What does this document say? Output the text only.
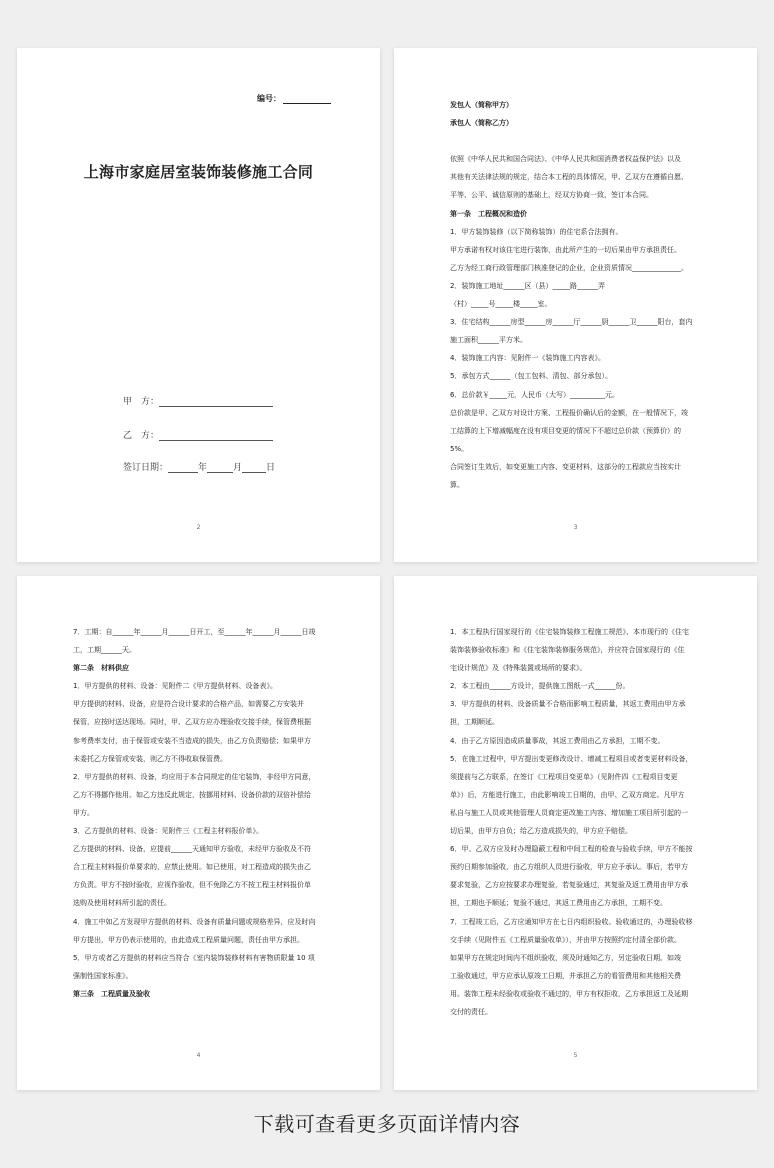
编号：
上海市家庭居室装饰装修施工合同
甲　方：
乙　方：
签订日期：	年	月	日
2

发包人（简称甲方）

承包人（简称乙方）

依照《中华人民共和国合同法》、《中华人民共和国消费者权益保护法》以及

其他有关法律法规的规定，结合本工程的具体情况，甲、乙双方在遵循自愿、

平等、公平、诚信原则的基础上，经双方协商一致，签订本合同。

第一条　工程概况和造价

1．甲方装饰装修（以下简称装饰）的住宅系合法拥有。

甲方承诺有权对该住宅进行装饰，由此所产生的一切后果由甲方承担责任。

乙方为经工商行政管理部门核准登记的企业，企业资质情况______________。

2．装饰施工地址______区（县）_____路______弄

（村）_____号_____楼_____室。

3．住宅结构______房型______房______厅______厨______卫______阳台，套内

施工面积______平方米。

4．装饰施工内容：见附件一《装饰施工内容表》。

5．承包方式______（包工包料、清包、部分承包）。

6．总价款￥_____元，人民币（大写）__________元。

总价款是甲、乙双方对设计方案、工程报价确认后的金额，在一般情况下，竣

工结算的上下增减幅度在没有项目变更的情况下不超过总价款（预算价）的

5%。

合同签订生效后，如变更施工内容、变更材料，这部分的工程款应当按实计

算。

3

7．工期：自______年______月______日开工，至______年______月______日竣

工，工期______天。

第二条　材料供应

1．甲方提供的材料、设备：见附件二《甲方提供材料、设备表》。

甲方提供的材料、设备，应是符合设计要求的合格产品，如需要乙方安装并

保管，应按时送达现场。同时，甲、乙双方应办理验收交接手续，保管费根据

参考费率支付，由于保管或安装不当造成的损失，由乙方负责赔偿；如果甲方

未委托乙方保管或安装，则乙方不得收取保管费。

2．甲方提供的材料、设备，均应用于本合同规定的住宅装饰，非经甲方同意，

乙方不得挪作他用。如乙方违反此规定，按挪用材料、设备价款的双倍补偿给

甲方。

3．乙方提供的材料、设备：见附件三《工程主材料报价单》。

乙方提供的材料、设备，应提前______天通知甲方验收，未经甲方验收及不符

合工程主材料报价单要求的，应禁止使用。如已使用，对工程造成的损失由乙

方负责。甲方不按时验收，应视作验收，但不免除乙方不按工程主材料报价单

选购及使用材料所引起的责任。

4．施工中如乙方发现甲方提供的材料、设备有质量问题或规格差异，应及时向

甲方提出，甲方仍表示使用的，由此造成工程质量问题，责任由甲方承担。

5．甲方或者乙方提供的材料应当符合《室内装饰装修材料有害物质限量 10 项

强制性国家标准》。

第三条　工程质量及验收

4

1．本工程执行国家现行的《住宅装饰装修工程施工规范》、本市现行的《住宅

装饰装修验收标准》和《住宅装饰装修服务规范》，并应符合国家现行的《住

宅设计规范》及《特殊装置或场所的要求》。

2．本工程由______方设计，提供施工图纸一式______份。

3．甲方提供的材料、设备质量不合格而影响工程质量，其返工费用由甲方承

担，工期顺延。

4．由于乙方原因造成质量事故，其返工费用由乙方承担，工期不变。

5．在施工过程中，甲方提出变更修改设计、增减工程项目或者变更材料设备，

须提前与乙方联系，在签订《工程项目变更单》（见附件四《工程项目变更

单》）后，方能进行施工，由此影响竣工日期的，由甲、乙双方商定。凡甲方

私自与施工人员或其他管理人员商定更改施工内容、增加施工项目所引起的一

切后果，由甲方自负；给乙方造成损失的，甲方应予赔偿。

6．甲、乙双方应及时办理隐蔽工程和中间工程的检查与验收手续，甲方不能按

预约日期参加验收，由乙方组织人员进行验收，甲方应予承认。事后，若甲方

要求复验，乙方应按要求办理复验，若复验通过，其复验及返工费用由甲方承

担，工期也予顺延；复验不通过，其返工费用由乙方承担，工期不变。

7．工程竣工后，乙方应通知甲方在七日内组织验收。验收通过的，办理验收移

交手续（见附件五《工程质量验收单》），并由甲方按照约定付清全部价款。

如果甲方在规定时间内不组织验收，须及时通知乙方，另定验收日期。如竣

工验收通过，甲方应承认原竣工日期，并承担乙方的看管费用和其他相关费

用。装饰工程未经验收或验收不通过的，甲方有权拒收，乙方承担返工及延期

交付的责任。

5
下载可查看更多页面详情内容
